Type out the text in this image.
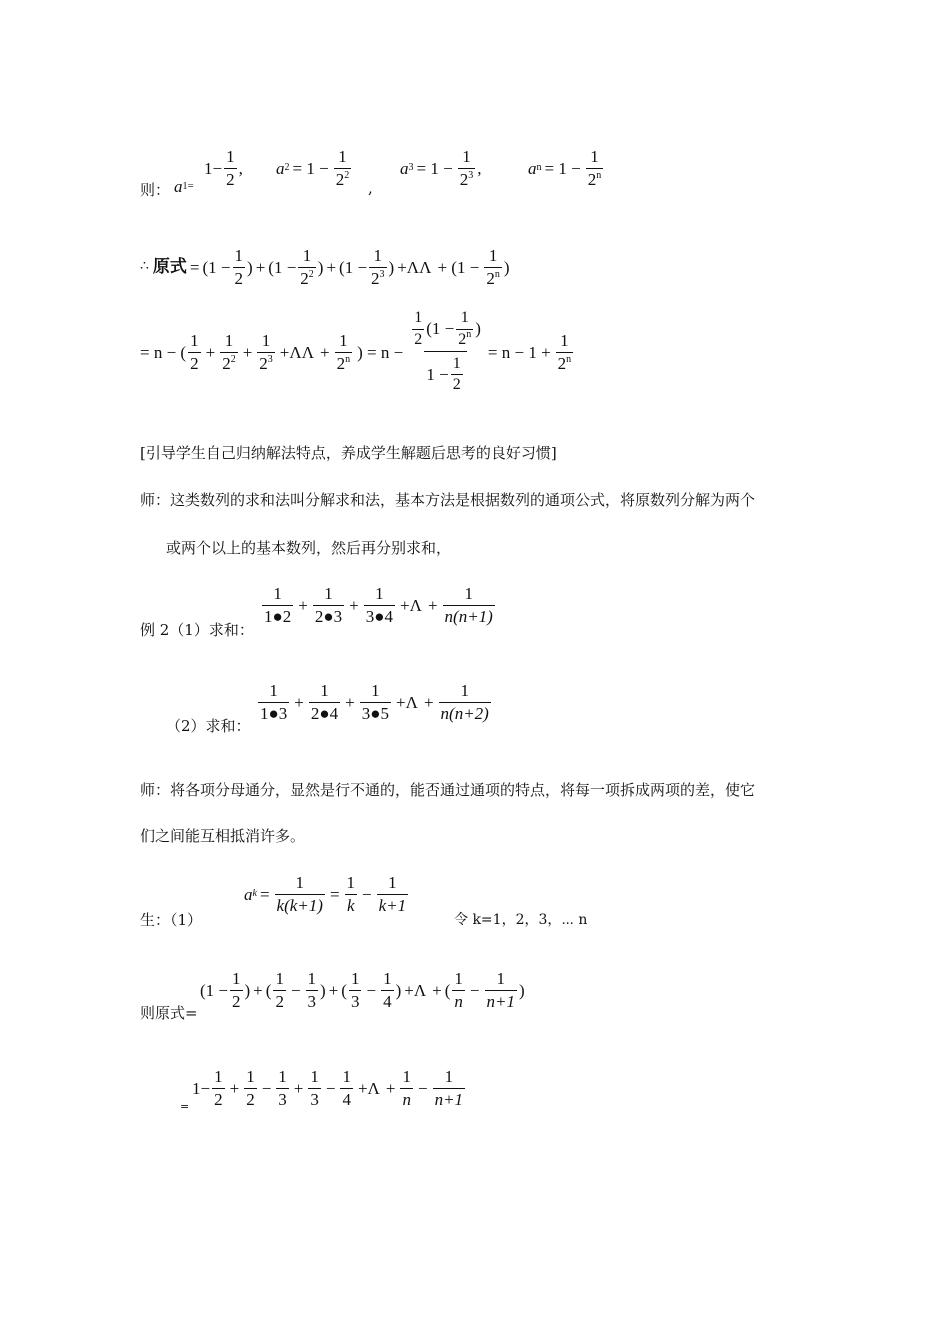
则： a 1 =
$1- \frac{1}{2}$ , a $2 = 1 - \frac{1}{2^2}$ ,
a $3 = 1 - \frac{1}{2^3}$ ,	a $n = 1 - \frac{1}{2^n}$
∴ 原式 = ($1 - \frac{1}{2}$ ) + ($1 - \frac{1}{2^2}$ ) + ($1 - \frac{1}{2^3}$ ) $+\Lambda\Lambda + (1 - \frac{1}{2^n}$ )
= n − ( $\frac{1}{2} + \frac{1}{2^2} + \frac{1}{2^3} +\Lambda\Lambda + \frac{1}{2^n}$ ) = $n - \frac{\frac{1}{2} (1 - \frac{1}{2^n} )}{1 - \frac{1}{2}} = n - 1 + \frac{1}{2^n}$
[引导学生自己归纳解法特点，养成学生解题后思考的良好习惯]
师：这类数列的求和法叫分解求和法，基本方法是根据数列的通项公式，将原数列分解为两个
或两个以上的基本数列，然后再分别求和，
例 2（1）求和：
$\frac{1}{1●2} + \frac{1}{2●3} + \frac{1}{3●4} +\Lambda + \frac{1}{n(n+1)}$
（2）求和：
$\frac{1}{1●3} + \frac{1}{2●4} + \frac{1}{3●5} +\Lambda + \frac{1}{n(n+2)}$
师：将各项分母通分，显然是行不通的，能否通过通项的特点，将每一项拆成两项的差，使它
们之间能互相抵消许多。
生：（1）
a $k = \frac{1}{k(k+1)} = \frac{1}{k} - \frac{1}{k+1}$
令 k=1，2，3，⋯ n
则原式=
($1 - \frac{1}{2}$ ) + ( $\frac{1}{2} - \frac{1}{3}$ ) + ( $\frac{1}{3} - \frac{1}{4}$ ) +Λ + ( $\frac{1}{n} - \frac{1}{n+1}$ )
=
$1- \frac{1}{2} + \frac{1}{2} - \frac{1}{3} + \frac{1}{3} - \frac{1}{4} +\Lambda + \frac{1}{n} - \frac{1}{n+1}$
